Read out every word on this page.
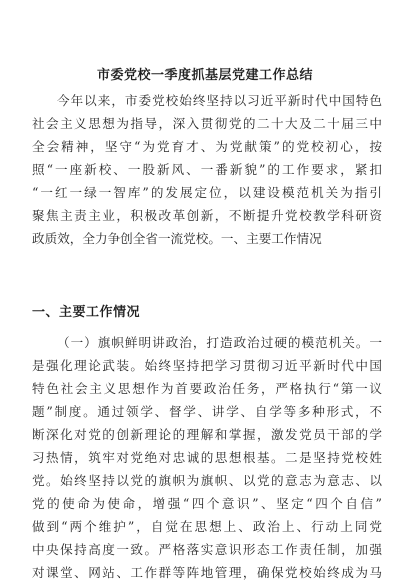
市委党校一季度抓基层党建工作总结
今年以来，市委党校始终坚持以习近平新时代中国特色
社会主义思想为指导，深入贯彻党的二十大及二十届三中
全会精神，坚守“为党育才、为党献策”的党校初心，按
照“一座新校、一股新风、一番新貌”的工作要求，紧扣
“一红一绿一智库”的发展定位，以建设模范机关为指引
聚焦主责主业，积极改革创新，不断提升党校教学科研资
政质效，全力争创全省一流党校。一、主要工作情况
一、主要工作情况
（一）旗帜鲜明讲政治，打造政治过硬的模范机关。一
是强化理论武装。始终坚持把学习贯彻习近平新时代中国
特色社会主义思想作为首要政治任务，严格执行“第一议
题”制度。通过领学、督学、讲学、自学等多种形式，不
断深化对党的创新理论的理解和掌握，激发党员干部的学
习热情，筑牢对党绝对忠诚的思想根基。二是坚持党校姓
党。始终坚持以党的旗帜为旗帜、以党的意志为意志、以
党的使命为使命，增强“四个意识”、坚定“四个自信”
做到“两个维护”，自觉在思想上、政治上、行动上同党
中央保持高度一致。严格落实意识形态工作责任制，加强
对课堂、网站、工作群等阵地管理，确保党校始终成为马
